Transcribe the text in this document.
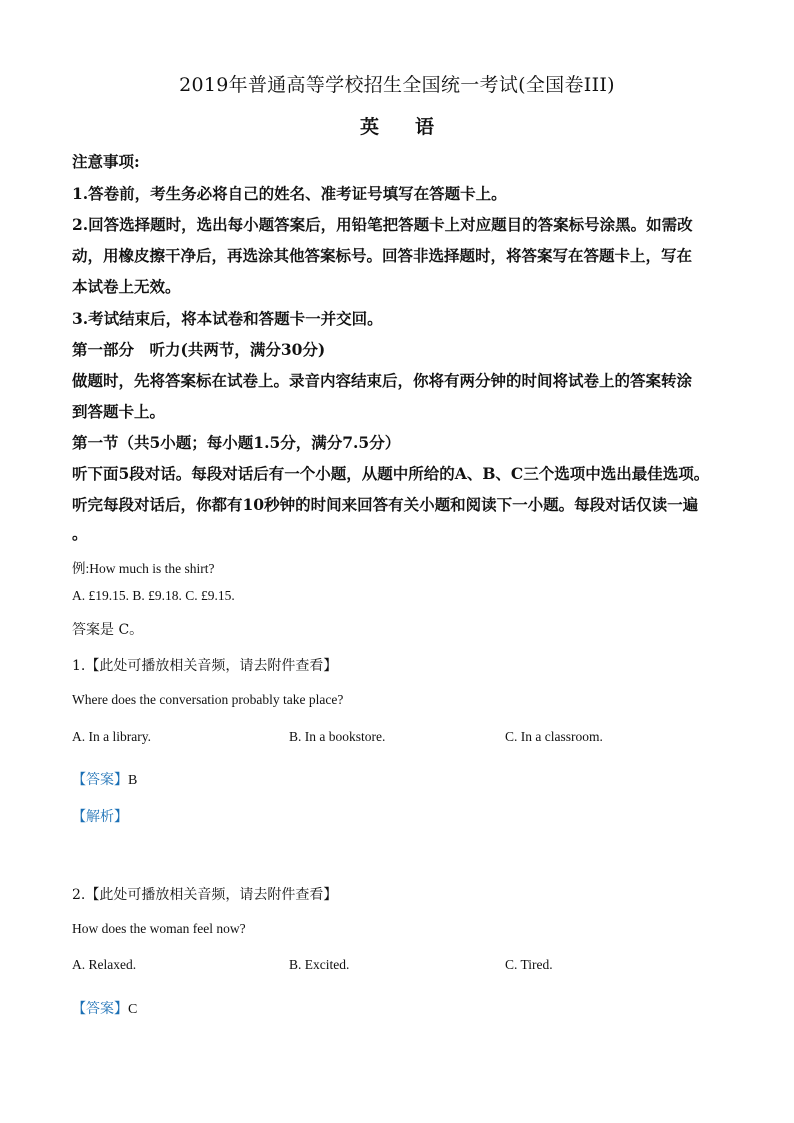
2019年普通高等学校招生全国统一考试(全国卷III)
英 语
注意事项:
1.答卷前，考生务必将自己的姓名、准考证号填写在答题卡上。
2.回答选择题时，选出每小题答案后，用铅笔把答题卡上对应题目的答案标号涂黑。如需改
动，用橡皮擦干净后，再选涂其他答案标号。回答非选择题时，将答案写在答题卡上，写在
本试卷上无效。
3.考试结束后，将本试卷和答题卡一并交回。
第一部分　听力(共两节，满分30分)
做题时，先将答案标在试卷上。录音内容结束后，你将有两分钟的时间将试卷上的答案转涂
到答题卡上。
第一节（共5小题；每小题1.5分，满分7.5分）
听下面5段对话。每段对话后有一个小题，从题中所给的A、B、C三个选项中选出最佳选项。
听完每段对话后，你都有10秒钟的时间来回答有关小题和阅读下一小题。每段对话仅读一遍
。
例:How much is the shirt?
A. £19.15. B. £9.18. C. £9.15.
答案是 C。
1.【此处可播放相关音频，请去附件查看】
Where does the conversation probably take place?
A. In a library.	B. In a bookstore.	C. In a classroom.
【答案】B
【解析】
2.【此处可播放相关音频，请去附件查看】
How does the woman feel now?
A. Relaxed.	B. Excited.	C. Tired.
【答案】C
